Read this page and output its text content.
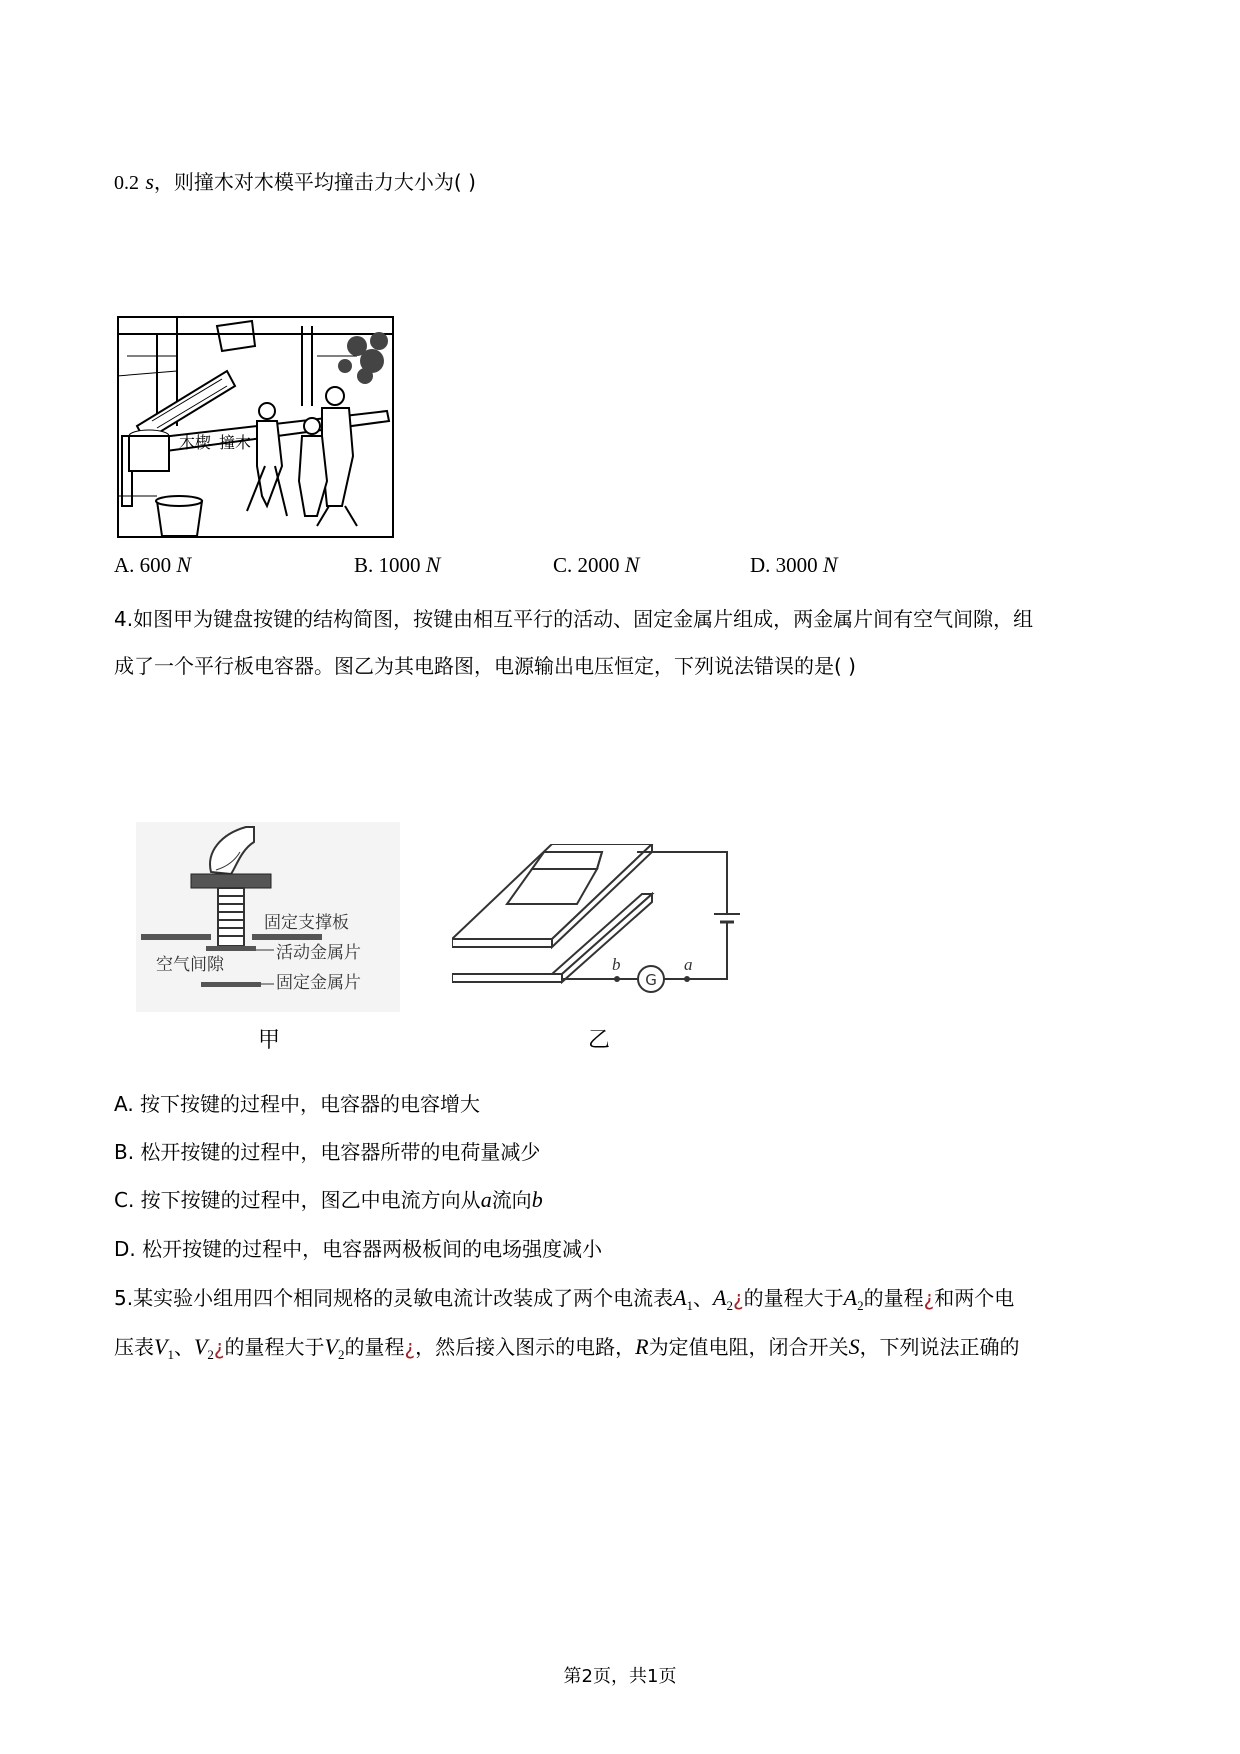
0.2 s，则撞木对木模平均撞击力大小为( )
木楔 撞木
A. 600 N	B. 1000 N	C. 2000 N	D. 3000 N
4.如图甲为键盘按键的结构简图，按键由相互平行的活动、固定金属片组成，两金属片间有空气间隙，组
成了一个平行板电容器。图乙为其电路图，电源输出电压恒定，下列说法错误的是( )
固定支撑板
活动金属片
空气间隙
固定金属片
甲
G
b	a
乙
A. 按下按键的过程中，电容器的电容增大
B. 松开按键的过程中，电容器所带的电荷量减少
C. 按下按键的过程中，图乙中电流方向从a流向b
D. 松开按键的过程中，电容器两极板间的电场强度减小
5.某实验小组用四个相同规格的灵敏电流计改装成了两个电流表$A_1$、$A_2¿$的量程大于$A_2$的量程¿和两个电
压表$V_1$、$V_2¿$的量程大于$V_2$的量程¿，然后接入图示的电路，R为定值电阻，闭合开关S，下列说法正确的
第2页，共1页
